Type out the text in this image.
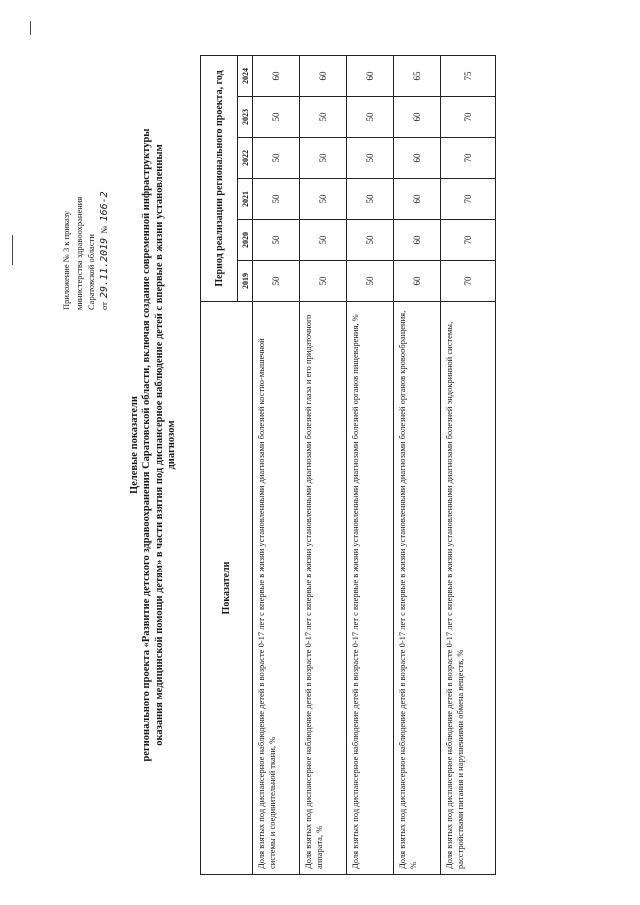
Приложение № 3 к приказу министерства здравоохранения Саратовской области от 29.11.2019 № 166-2
Целевые показатели регионального проекта «Развитие детского здравоохранения Саратовской области, включая создание современной инфраструктуры оказания медицинской помощи детям» в части взятия под диспансерное наблюдение детей с впервые в жизни установленным диагнозом
Показатели	Период реализации регионального проекта, год					
	2019	2020	2021	2022	2023	2024
Доля взятых под диспансерное наблюдение детей в возрасте 0-17 лет с впервые в жизни установленными диагнозами болезней костно-мышечной системы и соединительной ткани, %	50	50	50	50	50	60
Доля взятых под диспансерное наблюдение детей в возрасте 0-17 лет с впервые в жизни установленными диагнозами болезней глаза и его придаточного аппарата, %	50	50	50	50	50	60
Доля взятых под диспансерное наблюдение детей в возрасте 0-17 лет с впервые в жизни установленными диагнозами болезней органов пищеварения, %	50	50	50	50	50	60
Доля взятых под диспансерное наблюдение детей в возрасте 0-17 лет с впервые в жизни установленными диагнозами болезней органов кровообращения, %	60	60	60	60	60	65
Доля взятых под диспансерное наблюдение детей в возрасте 0-17 лет с впервые в жизни установленными диагнозами болезней эндокринной системы, расстройствами питания и нарушениями обмена веществ, %	70	70	70	70	70	75
